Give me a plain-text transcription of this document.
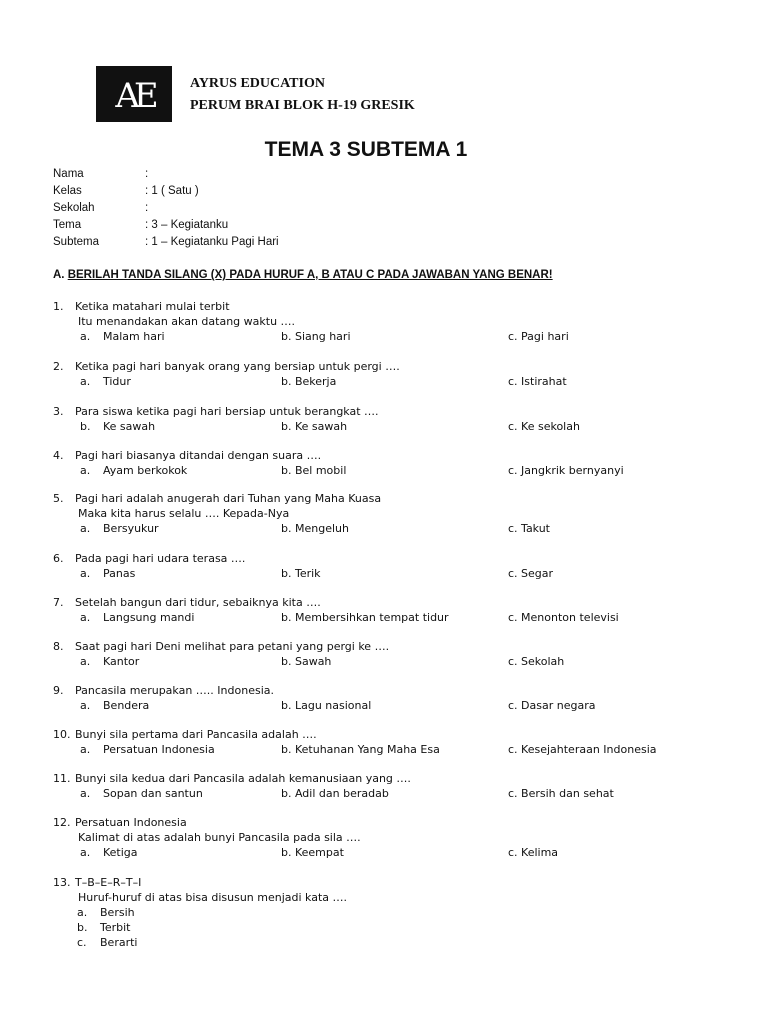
AE	AYRUS EDUCATION
PERUM BRAI BLOK H-19 GRESIK
TEMA 3 SUBTEMA 1
Nama	:
Kelas	: 1 ( Satu )
Sekolah	:
Tema	: 3 – Kegiatanku
Subtema	: 1 – Kegiatanku Pagi Hari
A. BERILAH TANDA SILANG (X) PADA HURUF A, B ATAU C PADA JAWABAN YANG BENAR!
1. Ketika matahari mulai terbit
Itu menandakan akan datang waktu ….
a. Malam hari	b. Siang hari	c. Pagi hari
2. Ketika pagi hari banyak orang yang bersiap untuk pergi ….
a. Tidur	b. Bekerja	c. Istirahat
3. Para siswa ketika pagi hari bersiap untuk berangkat ….
b. Ke sawah	b. Ke sawah	c. Ke sekolah
4. Pagi hari biasanya ditandai dengan suara ….
a. Ayam berkokok	b. Bel mobil	c. Jangkrik bernyanyi
5. Pagi hari adalah anugerah dari Tuhan yang Maha Kuasa
Maka kita harus selalu …. Kepada-Nya
a. Bersyukur	b. Mengeluh	c. Takut
6. Pada pagi hari udara terasa ….
a. Panas	b. Terik	c. Segar
7. Setelah bangun dari tidur, sebaiknya kita ….
a. Langsung mandi	b. Membersihkan tempat tidur	c. Menonton televisi
8. Saat pagi hari Deni melihat para petani yang pergi ke ….
a. Kantor	b. Sawah	c. Sekolah
9. Pancasila merupakan ….. Indonesia.
a. Bendera	b. Lagu nasional	c. Dasar negara
10. Bunyi sila pertama dari Pancasila adalah ….
a. Persatuan Indonesia	b. Ketuhanan Yang Maha Esa	c. Kesejahteraan Indonesia
11. Bunyi sila kedua dari Pancasila adalah kemanusiaan yang ….
a. Sopan dan santun	b. Adil dan beradab	c. Bersih dan sehat
12. Persatuan Indonesia
Kalimat di atas adalah bunyi Pancasila pada sila ….
a. Ketiga	b. Keempat	c. Kelima
13. T–B–E–R–T–I
Huruf-huruf di atas bisa disusun menjadi kata ….
a. Bersih
b. Terbit
c. Berarti
